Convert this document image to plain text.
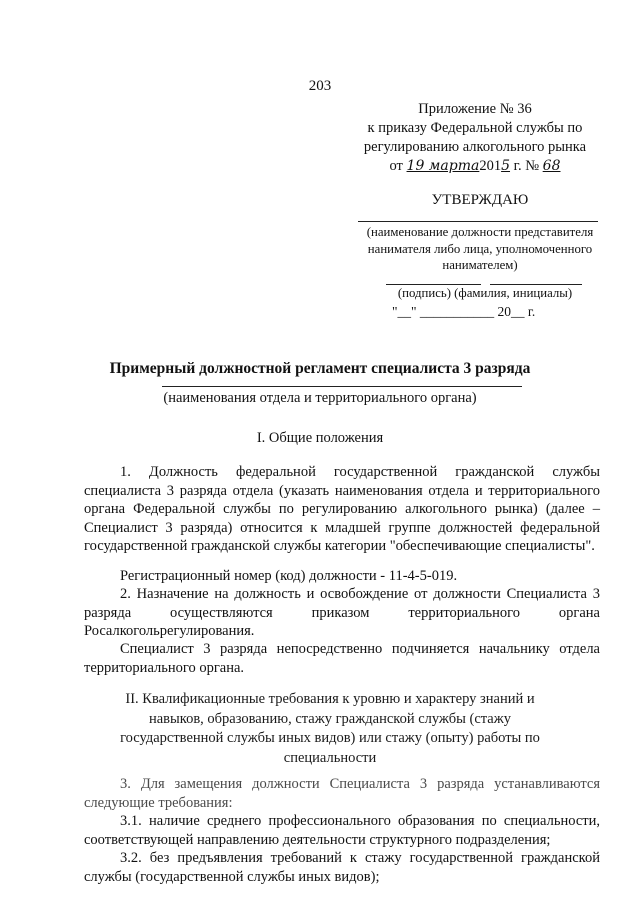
203
Приложение № 36
к приказу Федеральной службы по
регулированию алкогольного рынка
от 19 марта2015 г. № 68
УТВЕРЖДАЮ
(наименование должности представителя нанимателя либо лица, уполномоченного нанимателем)
(подпись) (фамилия, инициалы)
"__" ___________ 20__ г.
Примерный должностной регламент специалиста 3 разряда
(наименования отдела и территориального органа)
I. Общие положения

1. Должность федеральной государственной гражданской службы специалиста 3 разряда отдела (указать наименования отдела и территориального органа Федеральной службы по регулированию алкогольного рынка) (далее – Специалист 3 разряда) относится к младшей группе должностей федеральной государственной гражданской службы категории "обеспечивающие специалисты".

Регистрационный номер (код) должности - 11-4-5-019.

2. Назначение на должность и освобождение от должности Специалиста 3 разряда осуществляются приказом территориального органа Росалкогольрегулирования.

Специалист 3 разряда непосредственно подчиняется начальнику отдела территориального органа.

II. Квалификационные требования к уровню и характеру знаний и навыков, образованию, стажу гражданской службы (стажу государственной службы иных видов) или стажу (опыту) работы по специальности

3. Для замещения должности Специалиста 3 разряда устанавливаются следующие требования:

3.1. наличие среднего профессионального образования по специальности, соответствующей направлению деятельности структурного подразделения;

3.2. без предъявления требований к стажу государственной гражданской службы (государственной службы иных видов);
